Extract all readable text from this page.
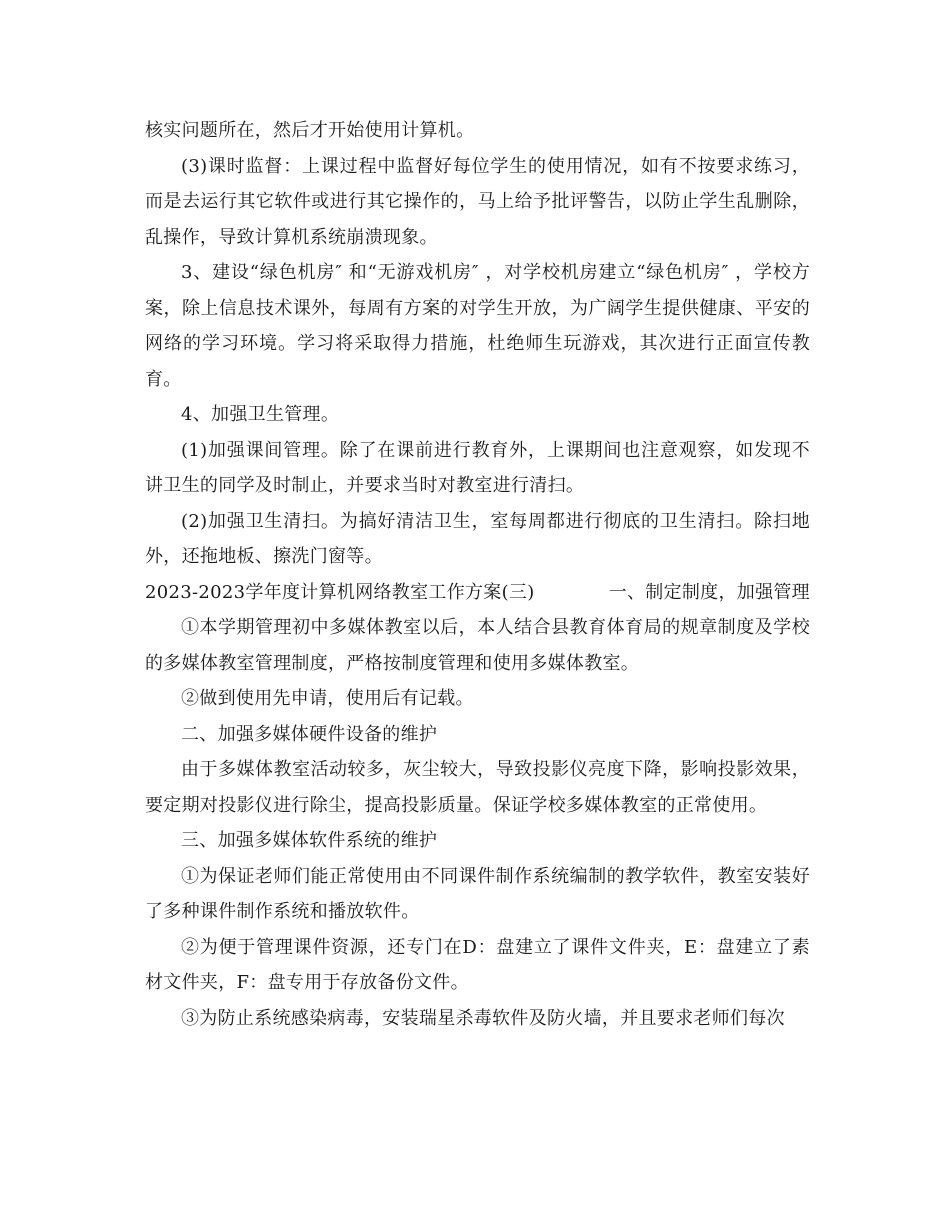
核实问题所在，然后才开始使用计算机。

(3)课时监督：上课过程中监督好每位学生的使用情况，如有不按要求练习，而是去运行其它软件或进行其它操作的，马上给予批评警告，以防止学生乱删除，乱操作，导致计算机系统崩溃现象。

3、建设“绿色机房″ 和“无游戏机房″ ，对学校机房建立“绿色机房″ ，学校方案，除上信息技术课外，每周有方案的对学生开放，为广阔学生提供健康、平安的网络的学习环境。学习将采取得力措施，杜绝师生玩游戏，其次进行正面宣传教育。

4、加强卫生管理。

(1)加强课间管理。除了在课前进行教育外，上课期间也注意观察，如发现不讲卫生的同学及时制止，并要求当时对教室进行清扫。

(2)加强卫生清扫。为搞好清洁卫生，室每周都进行彻底的卫生清扫。除扫地外，还拖地板、擦洗门窗等。

2023-2023学年度计算机网络教室工作方案(三)	一、制定制度，加强管理

①本学期管理初中多媒体教室以后，本人结合县教育体育局的规章制度及学校的多媒体教室管理制度，严格按制度管理和使用多媒体教室。

②做到使用先申请，使用后有记载。

二、加强多媒体硬件设备的维护

由于多媒体教室活动较多，灰尘较大，导致投影仪亮度下降，影响投影效果，要定期对投影仪进行除尘，提高投影质量。保证学校多媒体教室的正常使用。

三、加强多媒体软件系统的维护

①为保证老师们能正常使用由不同课件制作系统编制的教学软件，教室安装好了多种课件制作系统和播放软件。

②为便于管理课件资源，还专门在D：盘建立了课件文件夹，E：盘建立了素材文件夹，F：盘专用于存放备份文件。

③为防止系统感染病毒，安装瑞星杀毒软件及防火墙，并且要求老师们每次
